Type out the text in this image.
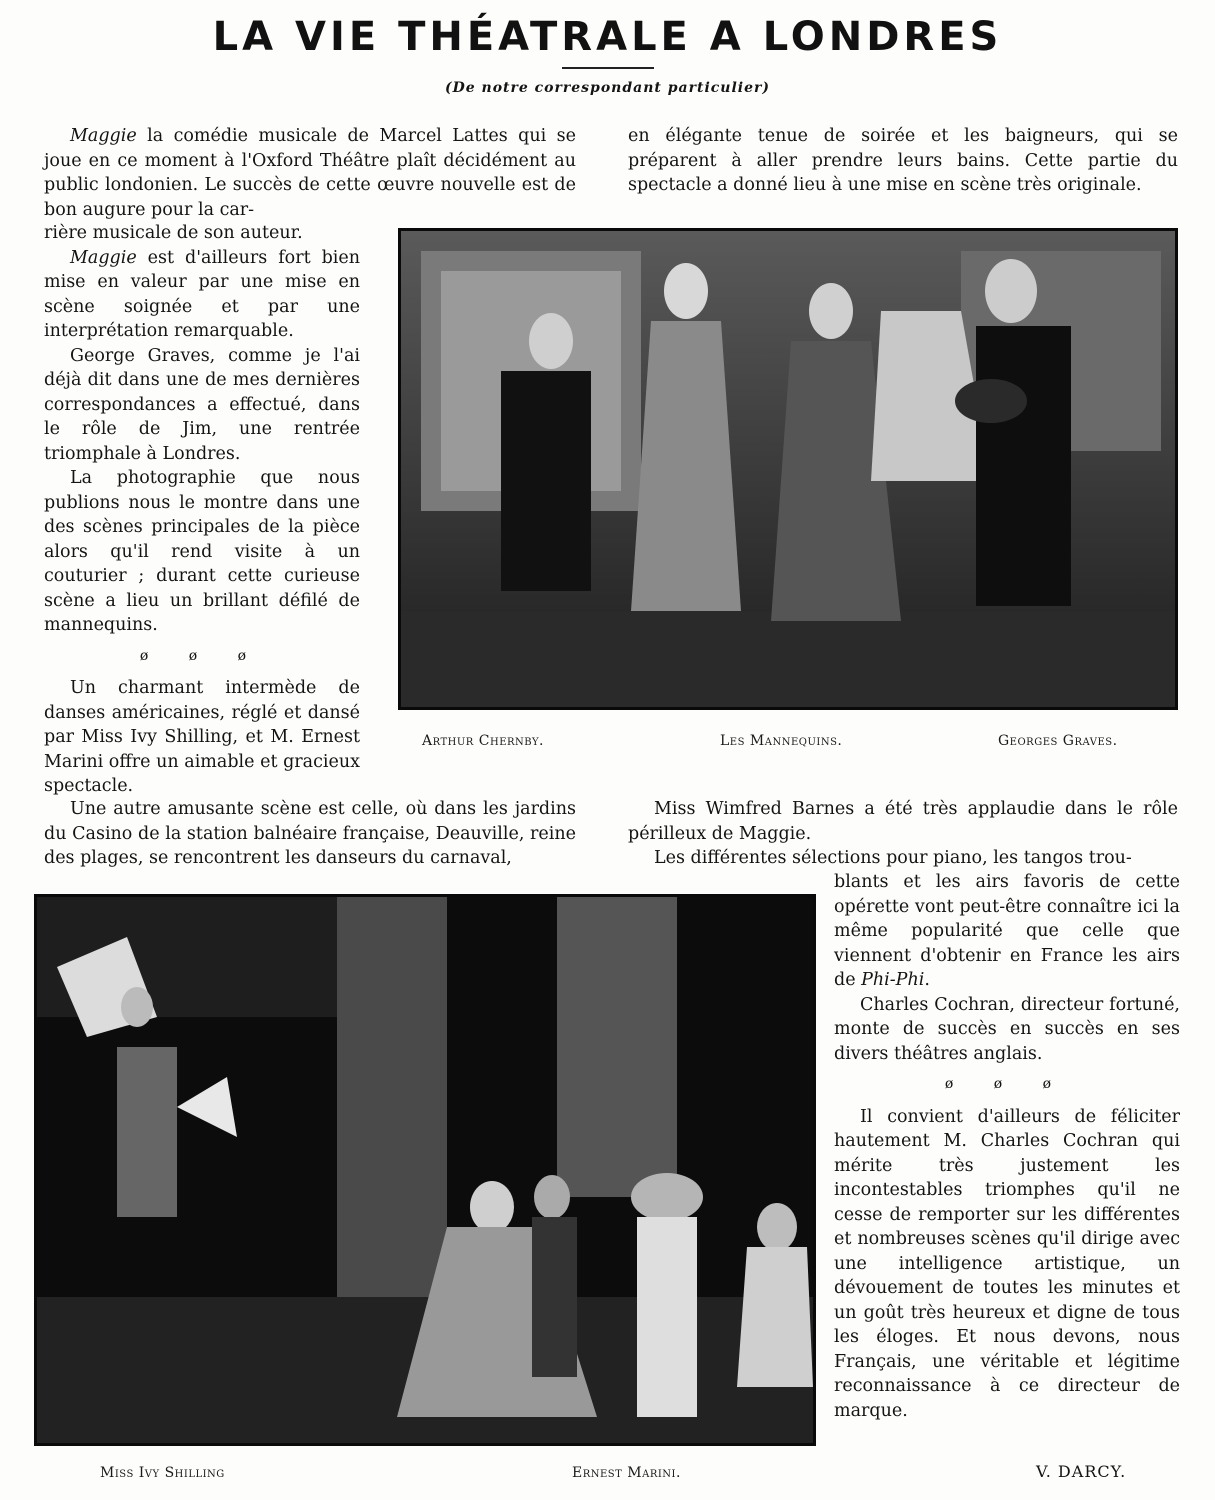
LA VIE THÉATRALE A LONDRES
(De notre correspondant particulier)

Maggie la comédie musicale de Marcel Lattes qui se joue en ce moment à l'Oxford Théâtre plaît décidément au public londonien. Le succès de cette œuvre nouvelle est de bon augure pour la car-

rière musicale de son auteur.

Maggie est d'ailleurs fort bien mise en valeur par une mise en scène soignée et par une interprétation remarquable.

George Graves, comme je l'ai déjà dit dans une de mes dernières correspondances a effectué, dans le rôle de Jim, une rentrée triomphale à Londres.

La photographie que nous publions nous le montre dans une des scènes principales de la pièce alors qu'il rend visite à un couturier ; durant cette curieuse scène a lieu un brillant défilé de mannequins.

ø ø ø

Un charmant intermède de danses américaines, réglé et dansé par Miss Ivy Shilling, et M. Ernest Marini offre un aimable et gracieux spectacle.

en élégante tenue de soirée et les baigneurs, qui se préparent à aller prendre leurs bains. Cette partie du spectacle a donné lieu à une mise en scène très originale.

Arthur Chernby.	Les Mannequins.	Georges Graves.

Une autre amusante scène est celle, où dans les jardins du Casino de la station balnéaire française, Deauville, reine des plages, se rencontrent les danseurs du carnaval,

Miss Wimfred Barnes a été très applaudie dans le rôle périlleux de Maggie.

Les différentes sélections pour piano, les tangos trou-

blants et les airs favoris de cette opérette vont peut-être connaître ici la même popularité que celle que viennent d'obtenir en France les airs de Phi-Phi.

Charles Cochran, directeur fortuné, monte de succès en succès en ses divers théâtres anglais.

ø ø ø

Il convient d'ailleurs de féliciter hautement M. Charles Cochran qui mérite très justement les incontestables triomphes qu'il ne cesse de remporter sur les différentes et nombreuses scènes qu'il dirige avec une intelligence artistique, un dévouement de toutes les minutes et un goût très heureux et digne de tous les éloges. Et nous devons, nous Français, une véritable et légitime reconnaissance à ce directeur de marque.

Miss Ivy Shilling	Ernest Marini.	V. DARCY.
